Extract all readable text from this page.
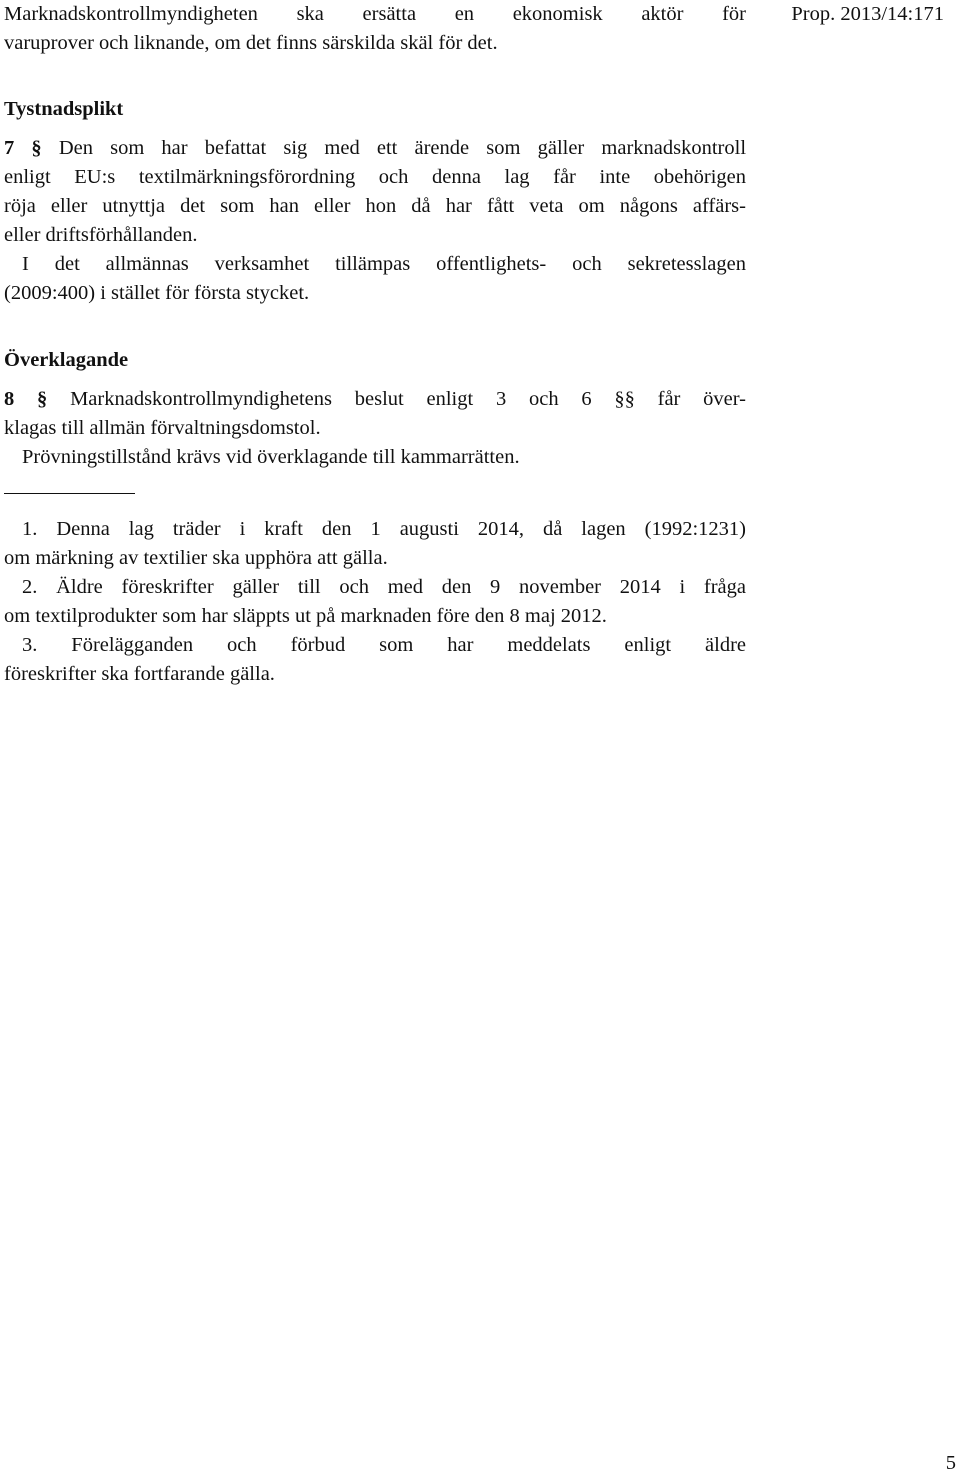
Prop. 2013/14:171
Marknadskontrollmyndigheten ska ersätta en ekonomisk aktör för
varuprover och liknande, om det finns särskilda skäl för det.
Tystnadsplikt
7 § Den som har befattat sig med ett ärende som gäller marknadskontroll
enligt EU:s textilmärkningsförordning och denna lag får inte obehörigen
röja eller utnyttja det som han eller hon då har fått veta om någons affärs-
eller driftsförhållanden.
I det allmännas verksamhet tillämpas offentlighets- och sekretesslagen
(2009:400) i stället för första stycket.
Överklagande
8 § Marknadskontrollmyndighetens beslut enligt 3 och 6 §§ får över-
klagas till allmän förvaltningsdomstol.
Prövningstillstånd krävs vid överklagande till kammarrätten.
1. Denna lag träder i kraft den 1 augusti 2014, då lagen (1992:1231)
om märkning av textilier ska upphöra att gälla.
2. Äldre föreskrifter gäller till och med den 9 november 2014 i fråga
om textilprodukter som har släppts ut på marknaden före den 8 maj 2012.
3. Förelägganden och förbud som har meddelats enligt äldre
föreskrifter ska fortfarande gälla.
5
